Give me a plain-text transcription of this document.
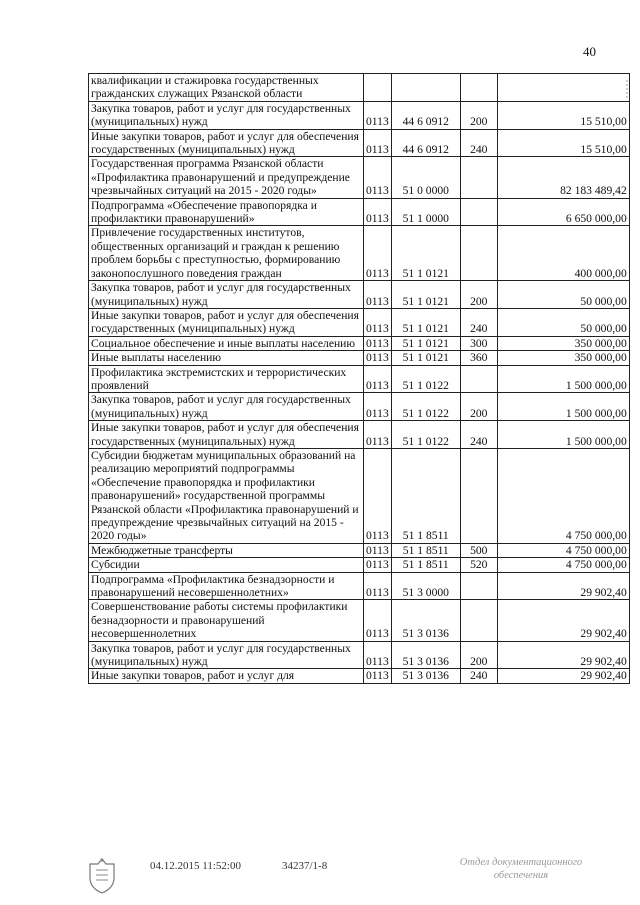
40
квалификации и стажировка государственных гражданских служащих Рязанской области				
Закупка товаров, работ и услуг для государственных (муниципальных) нужд	0113	44 6 0912	200	15 510,00
Иные закупки товаров, работ и услуг для обеспечения государственных (муниципальных) нужд	0113	44 6 0912	240	15 510,00
Государственная программа Рязанской области «Профилактика правонарушений и предупреждение чрезвычайных ситуаций на 2015 - 2020 годы»	0113	51 0 0000		82 183 489,42
Подпрограмма «Обеспечение правопорядка и профилактики правонарушений»	0113	51 1 0000		6 650 000,00
Привлечение государственных институтов, общественных организаций и граждан к решению проблем борьбы с преступностью, формированию законопослушного поведения граждан	0113	51 1 0121		400 000,00
Закупка товаров, работ и услуг для государственных (муниципальных) нужд	0113	51 1 0121	200	50 000,00
Иные закупки товаров, работ и услуг для обеспечения государственных (муниципальных) нужд	0113	51 1 0121	240	50 000,00
Социальное обеспечение и иные выплаты населению	0113	51 1 0121	300	350 000,00
Иные выплаты населению	0113	51 1 0121	360	350 000,00
Профилактика экстремистских и террористических проявлений	0113	51 1 0122		1 500 000,00
Закупка товаров, работ и услуг для государственных (муниципальных) нужд	0113	51 1 0122	200	1 500 000,00
Иные закупки товаров, работ и услуг для обеспечения государственных (муниципальных) нужд	0113	51 1 0122	240	1 500 000,00
Субсидии бюджетам муниципальных образований на реализацию мероприятий подпрограммы «Обеспечение правопорядка и профилактики правонарушений» государственной программы Рязанской области «Профилактика правонарушений и предупреждение чрезвычайных ситуаций на 2015 - 2020 годы»	0113	51 1 8511		4 750 000,00
Межбюджетные трансферты	0113	51 1 8511	500	4 750 000,00
Субсидии	0113	51 1 8511	520	4 750 000,00
Подпрограмма «Профилактика безнадзорности и правонарушений несовершеннолетних»	0113	51 3 0000		29 902,40
Совершенствование работы системы профилактики безнадзорности и правонарушений несовершеннолетних	0113	51 3 0136		29 902,40
Закупка товаров, работ и услуг для государственных (муниципальных) нужд	0113	51 3 0136	200	29 902,40
Иные закупки товаров, работ и услуг для	0113	51 3 0136	240	29 902,40
04.12.2015 11:52:00	34237/1-8	Отдел документационного
обеспечения
